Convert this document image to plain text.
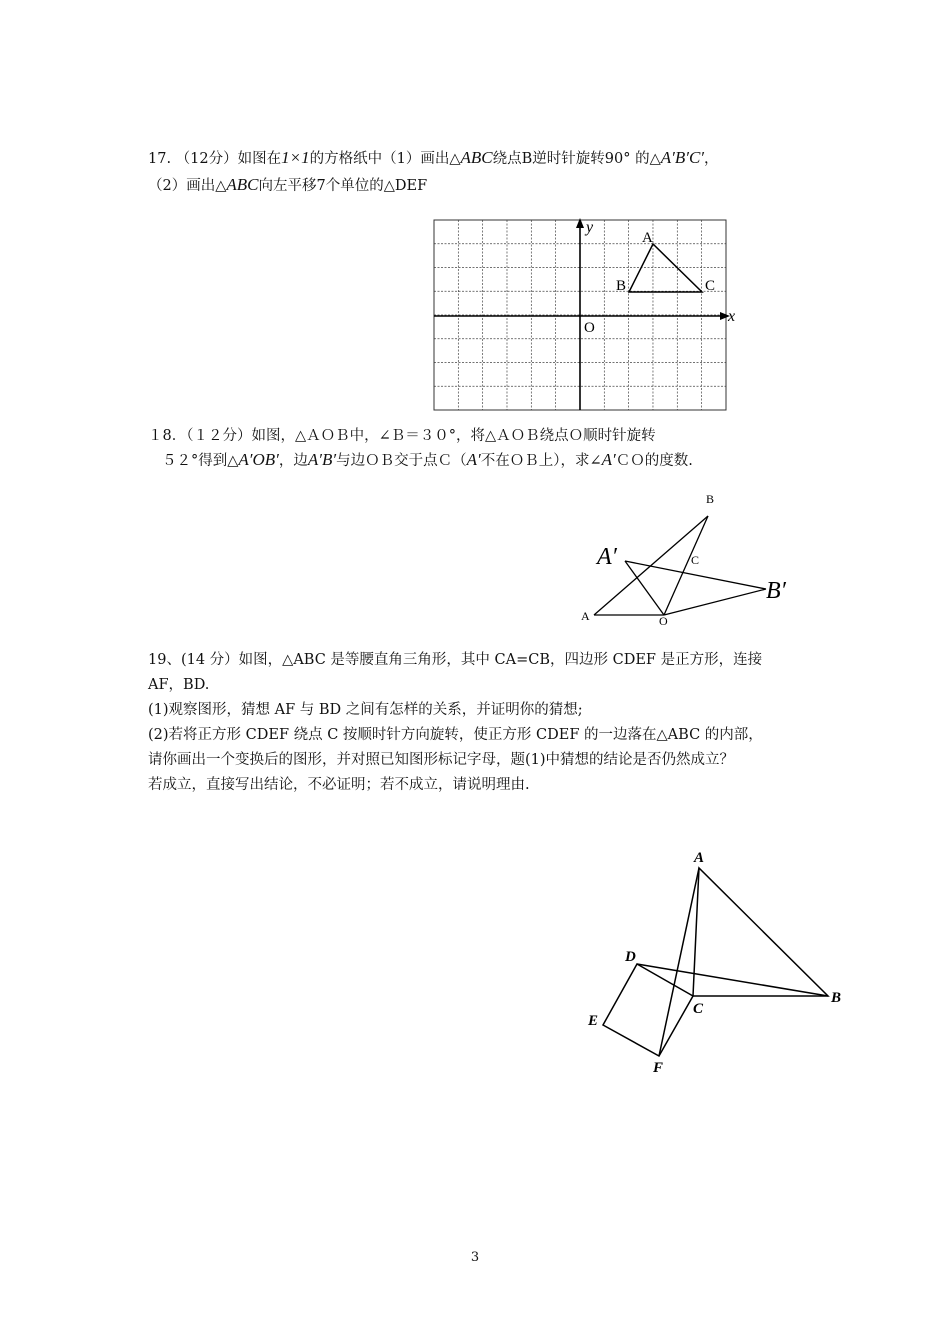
17. （12分）如图在1×1的方格纸中（1）画出△ABC绕点B逆时针旋转90° 的△A′B′C′，
（2）画出△ABC向左平移7个单位的△DEF
A
B	C
O
x
y
１8．（１２分）如图，△ＡＯＢ中，∠Ｂ＝３０°，将△ＡＯＢ绕点Ｏ顺时针旋转
５２°得到△A′OB′，边A′B′与边ＯＢ交于点Ｃ（A′不在ＯＢ上），求∠A′ＣＯ的度数.
A
B
C
O
A′
B′
19、(14 分）如图，△ABC 是等腰直角三角形，其中 CA=CB，四边形 CDEF 是正方形，连接
AF，BD.
(1)观察图形，猜想 AF 与 BD 之间有怎样的关系，并证明你的猜想;
(2)若将正方形 CDEF 绕点 C 按顺时针方向旋转，使正方形 CDEF 的一边落在△ABC 的内部，
请你画出一个变换后的图形，并对照已知图形标记字母，题(1)中猜想的结论是否仍然成立？
若成立，直接写出结论，不必证明；若不成立，请说明理由.
A
B
C
D
E
F
3
